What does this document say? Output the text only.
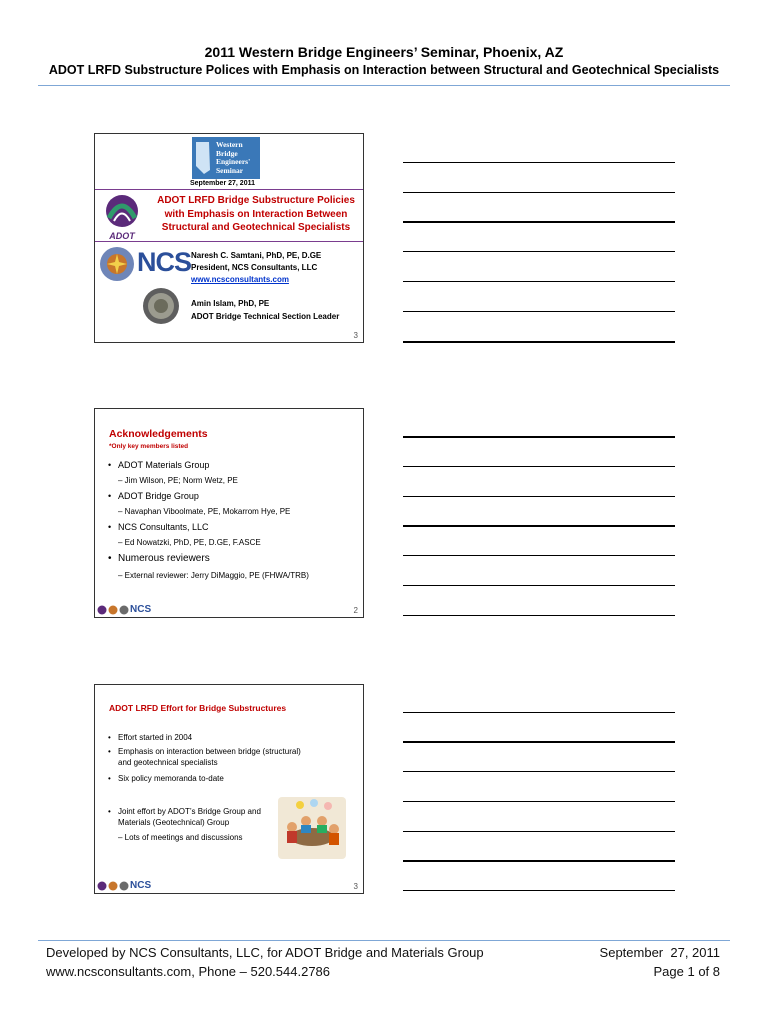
2011 Western Bridge Engineers’ Seminar, Phoenix, AZ
ADOT LRFD Substructure Polices with Emphasis on Interaction between Structural and Geotechnical Specialists
Western
Bridge
Engineers'
Seminar
September 27, 2011
ADOT
ADOT LRFD Bridge Substructure Policies
with Emphasis on Interaction Between
Structural and Geotechnical Specialists
NCS Naresh C. Samtani, PhD, PE, D.GE
President, NCS Consultants, LLC
www.ncsconsultants.com
Amin Islam, PhD, PE
ADOT Bridge Technical Section Leader
3
Acknowledgements
*Only key members listed
• ADOT Materials Group
– Jim Wilson, PE; Norm Wetz, PE
• ADOT Bridge Group
– Navaphan Viboolmate, PE, Mokarrom Hye, PE
• NCS Consultants, LLC
– Ed Nowatzki, PhD, PE, D.GE, F.ASCE
• Numerous reviewers
– External reviewer: Jerry DiMaggio, PE (FHWA/TRB)
NCS	2
ADOT LRFD Effort for Bridge Substructures
• Effort started in 2004
• Emphasis on interaction between bridge (structural)
and geotechnical specialists
• Six policy memoranda to-date
• Joint effort by ADOT’s Bridge Group and
Materials (Geotechnical) Group
– Lots of meetings and discussions
NCS	3
Developed by NCS Consultants, LLC, for ADOT Bridge and Materials Group
www.ncsconsultants.com, Phone – 520.544.2786
September  27, 2011
Page 1 of 8
